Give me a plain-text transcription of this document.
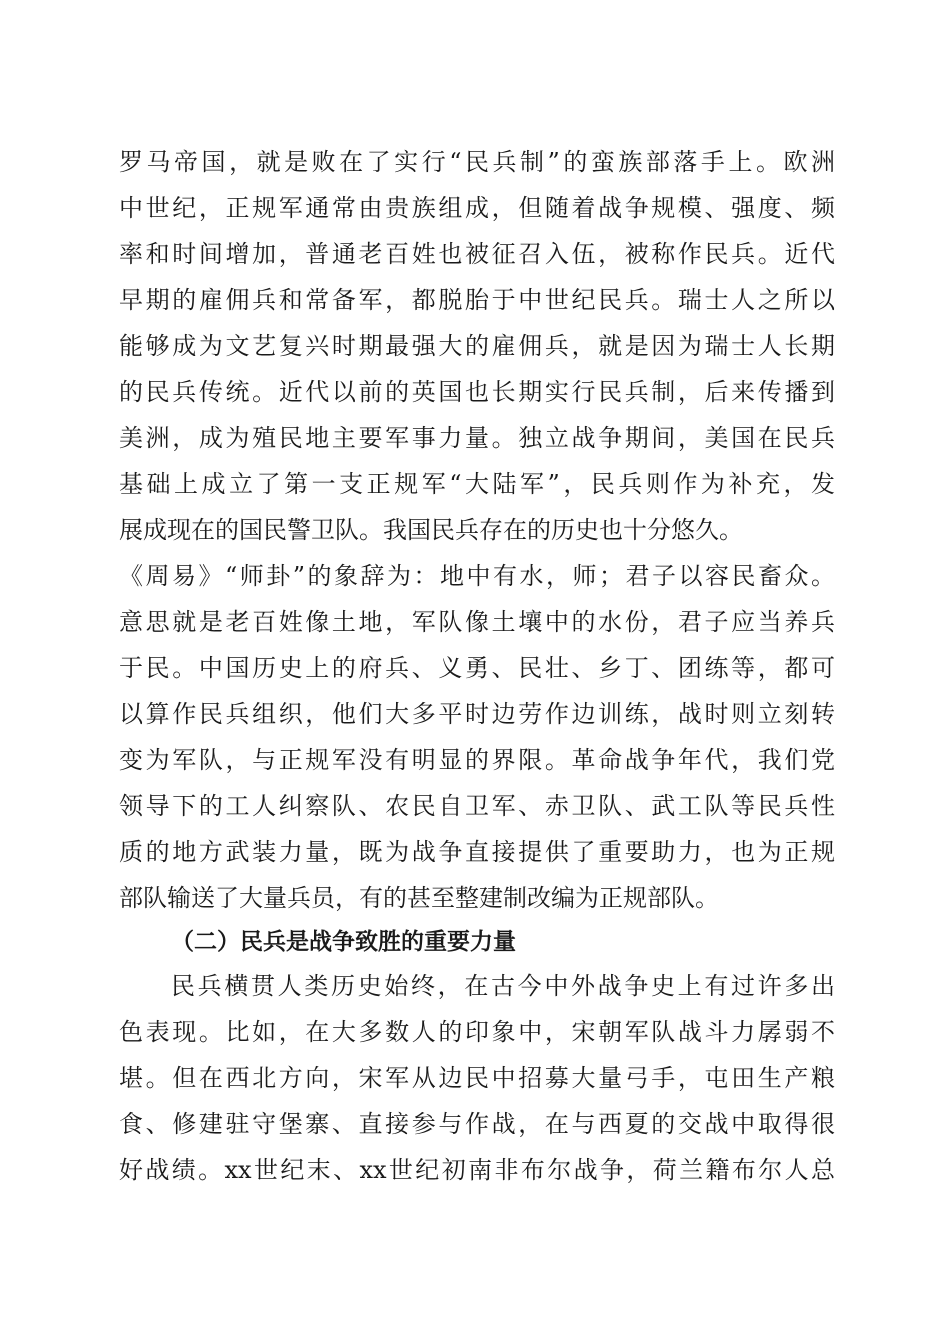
罗马帝国，就是败在了实行“民兵制”的蛮族部落手上。欧洲
中世纪，正规军通常由贵族组成，但随着战争规模、强度、频
率和时间增加，普通老百姓也被征召入伍，被称作民兵。近代
早期的雇佣兵和常备军，都脱胎于中世纪民兵。瑞士人之所以
能够成为文艺复兴时期最强大的雇佣兵，就是因为瑞士人长期
的民兵传统。近代以前的英国也长期实行民兵制，后来传播到
美洲，成为殖民地主要军事力量。独立战争期间，美国在民兵
基础上成立了第一支正规军“大陆军”，民兵则作为补充，发
展成现在的国民警卫队。我国民兵存在的历史也十分悠久。
《周易》“师卦”的象辞为：地中有水，师；君子以容民畜众。
意思就是老百姓像土地，军队像土壤中的水份，君子应当养兵
于民。中国历史上的府兵、义勇、民壮、乡丁、团练等，都可
以算作民兵组织，他们大多平时边劳作边训练，战时则立刻转
变为军队，与正规军没有明显的界限。革命战争年代，我们党
领导下的工人纠察队、农民自卫军、赤卫队、武工队等民兵性
质的地方武装力量，既为战争直接提供了重要助力，也为正规
部队输送了大量兵员，有的甚至整建制改编为正规部队。
（二）民兵是战争致胜的重要力量
民兵横贯人类历史始终，在古今中外战争史上有过许多出
色表现。比如，在大多数人的印象中，宋朝军队战斗力孱弱不
堪。但在西北方向，宋军从边民中招募大量弓手，屯田生产粮
食、修建驻守堡寨、直接参与作战，在与西夏的交战中取得很
好战绩。xx世纪末、xx世纪初南非布尔战争，荷兰籍布尔人总
